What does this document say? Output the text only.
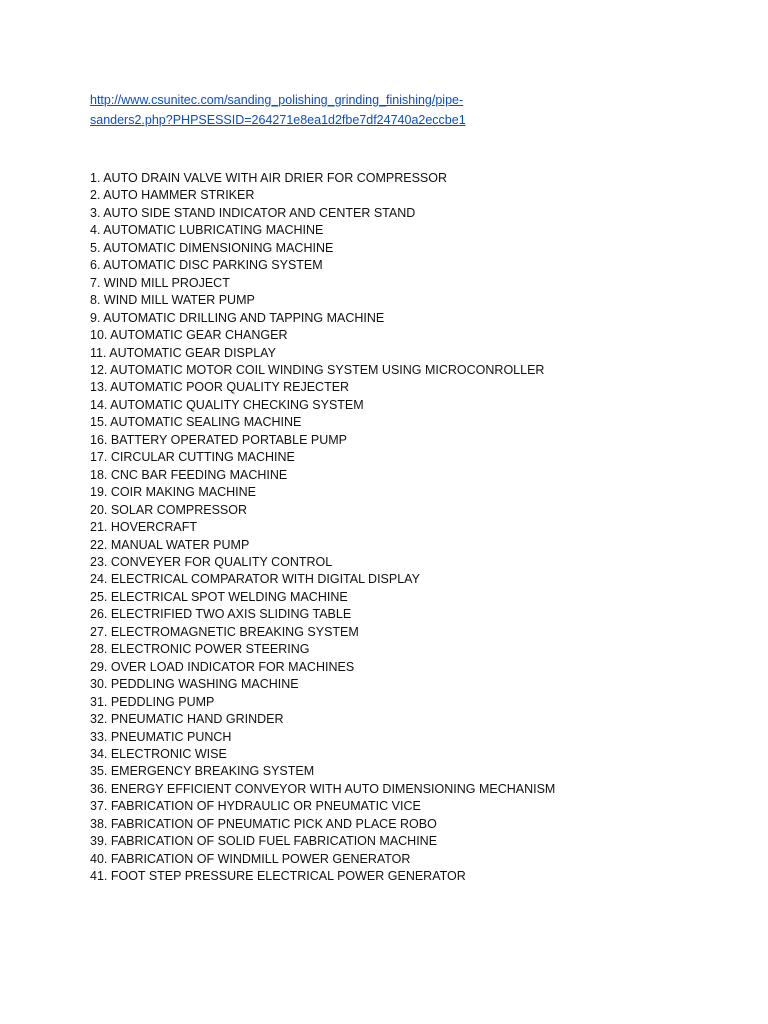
http://www.csunitec.com/sanding_polishing_grinding_finishing/pipe-
sanders2.php?PHPSESSID=264271e8ea1d2fbe7df24740a2eccbe1
1. AUTO DRAIN VALVE WITH AIR DRIER FOR COMPRESSOR
2. AUTO HAMMER STRIKER
3. AUTO SIDE STAND INDICATOR AND CENTER STAND
4. AUTOMATIC LUBRICATING MACHINE
5. AUTOMATIC DIMENSIONING MACHINE
6. AUTOMATIC DISC PARKING SYSTEM
7. WIND MILL PROJECT
8. WIND MILL WATER PUMP
9. AUTOMATIC DRILLING AND TAPPING MACHINE
10. AUTOMATIC GEAR CHANGER
11. AUTOMATIC GEAR DISPLAY
12. AUTOMATIC MOTOR COIL WINDING SYSTEM USING MICROCONROLLER
13. AUTOMATIC POOR QUALITY REJECTER
14. AUTOMATIC QUALITY CHECKING SYSTEM
15. AUTOMATIC SEALING MACHINE
16. BATTERY OPERATED PORTABLE PUMP
17. CIRCULAR CUTTING MACHINE
18. CNC BAR FEEDING MACHINE
19. COIR MAKING MACHINE
20. SOLAR COMPRESSOR
21. HOVERCRAFT
22. MANUAL WATER PUMP
23. CONVEYER FOR QUALITY CONTROL
24. ELECTRICAL COMPARATOR WITH DIGITAL DISPLAY
25. ELECTRICAL SPOT WELDING MACHINE
26. ELECTRIFIED TWO AXIS SLIDING TABLE
27. ELECTROMAGNETIC BREAKING SYSTEM
28. ELECTRONIC POWER STEERING
29. OVER LOAD INDICATOR FOR MACHINES
30. PEDDLING WASHING MACHINE
31. PEDDLING PUMP
32. PNEUMATIC HAND GRINDER
33. PNEUMATIC PUNCH
34. ELECTRONIC WISE
35. EMERGENCY BREAKING SYSTEM
36. ENERGY EFFICIENT CONVEYOR WITH AUTO DIMENSIONING MECHANISM
37. FABRICATION OF HYDRAULIC OR PNEUMATIC VICE
38. FABRICATION OF PNEUMATIC PICK AND PLACE ROBO
39. FABRICATION OF SOLID FUEL FABRICATION MACHINE
40. FABRICATION OF WINDMILL POWER GENERATOR
41. FOOT STEP PRESSURE ELECTRICAL POWER GENERATOR
